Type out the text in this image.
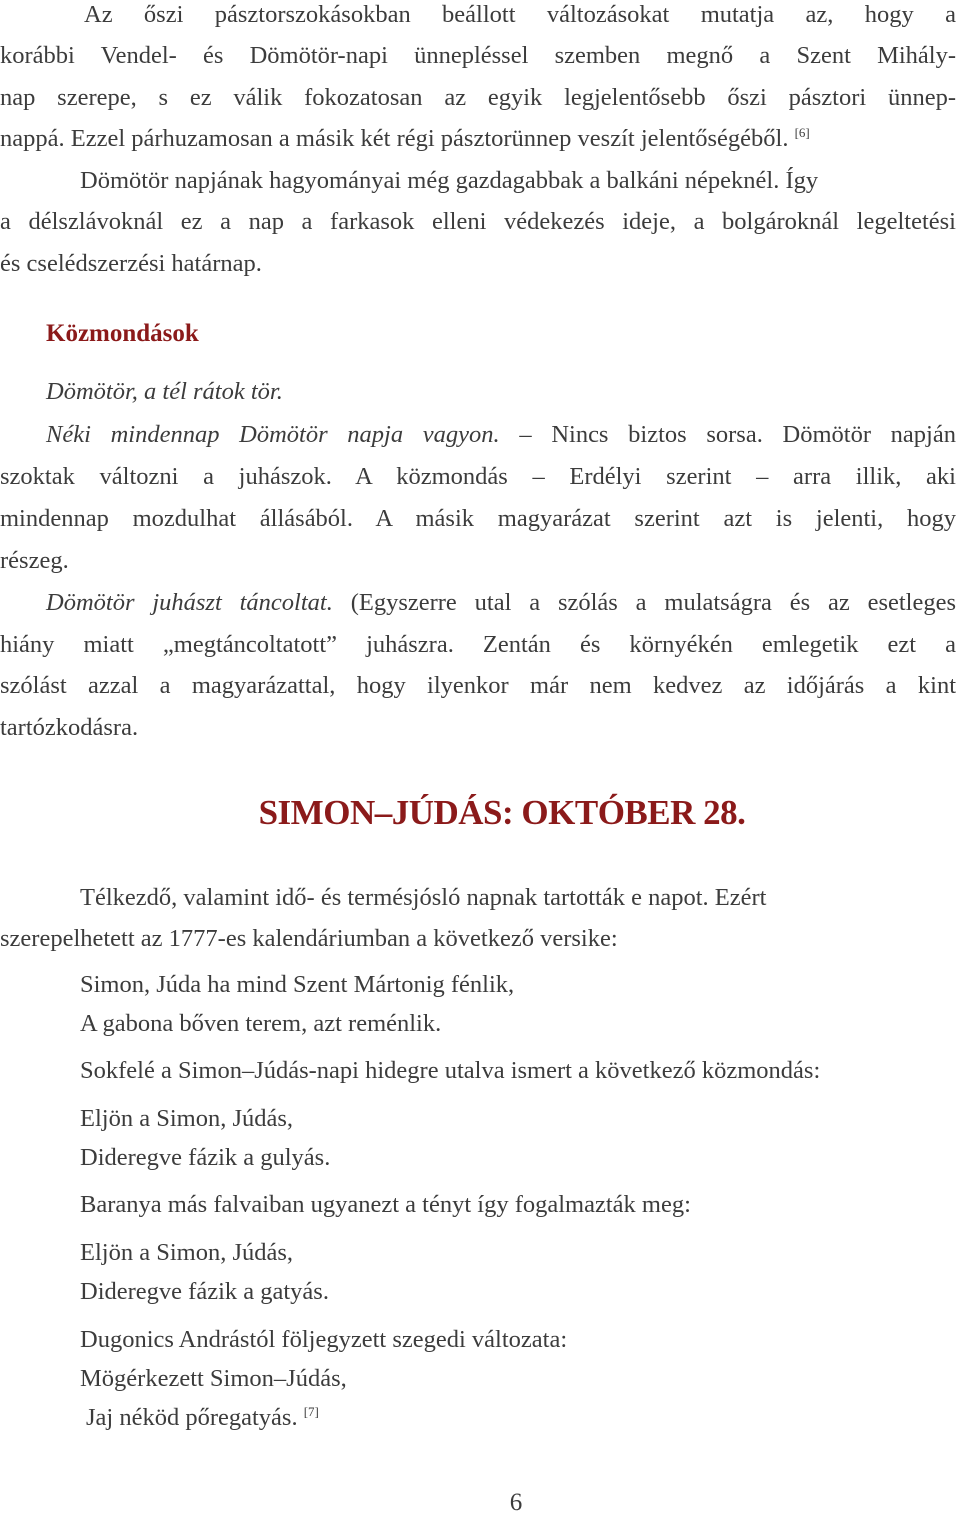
Az őszi pásztorszokásokban beállott változásokat mutatja az, hogy a

korábbi Vendel- és Dömötör-napi ünnepléssel szemben megnő a Szent Mihály-

nap szerepe, s ez válik fokozatosan az egyik legjelentősebb őszi pásztori ünnep-

nappá. Ezzel párhuzamosan a másik két régi pásztorünnep veszít jelentőségéből. [6]

Dömötör napjának hagyományai még gazdagabbak a balkáni népeknél. Így

a délszlávoknál ez a nap a farkasok elleni védekezés ideje, a bolgároknál legeltetési

és cselédszerzési határnap.

Közmondások

Dömötör, a tél rátok tör.

Néki mindennap Dömötör napja vagyon. – Nincs biztos sorsa. Dömötör napján

szoktak változni a juhászok. A közmondás – Erdélyi szerint – arra illik, aki

mindennap mozdulhat állásából. A másik magyarázat szerint azt is jelenti, hogy

részeg.

Dömötör juhászt táncoltat. (Egyszerre utal a szólás a mulatságra és az esetleges

hiány miatt „megtáncoltatott” juhászra. Zentán és környékén emlegetik ezt a

szólást azzal a magyarázattal, hogy ilyenkor már nem kedvez az időjárás a kint

tartózkodásra.

SIMON–JÚDÁS: OKTÓBER 28.

Télkezdő, valamint idő- és termésjósló napnak tartották e napot. Ezért

szerepelhetett az 1777-es kalendáriumban a következő versike:

Simon, Júda ha mind Szent Mártonig fénlik,

A gabona bőven terem, azt reménlik.

Sokfelé a Simon–Júdás-napi hidegre utalva ismert a következő közmondás:

Eljön a Simon, Júdás,

Dideregve fázik a gulyás.

Baranya más falvaiban ugyanezt a tényt így fogalmazták meg:

Eljön a Simon, Júdás,

Dideregve fázik a gatyás.

Dugonics Andrástól följegyzett szegedi változata:

Mögérkezett Simon–Júdás,

Jaj néköd pőregatyás. [7]

6
